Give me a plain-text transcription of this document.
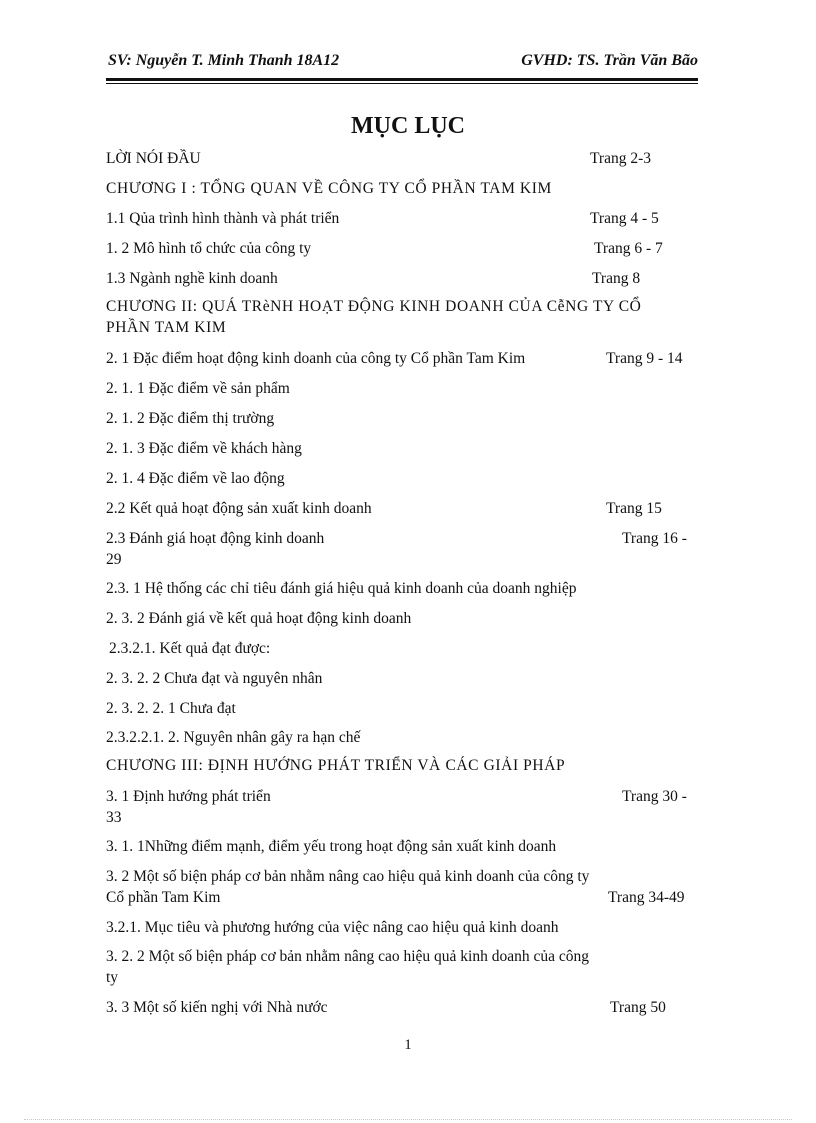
SV: Nguyễn T. Minh Thanh 18A12	GVHD: TS. Trần Văn Bão
MỤC LỤC
LỜI NÓI ĐẦU	Trang 2-3
CHƯƠNG I : TỔNG QUAN VỀ CÔNG TY CỔ PHẦN TAM KIM
1.1 Qủa trình hình thành và phát triển	Trang 4 - 5
1. 2 Mô hình tổ chức của công ty	Trang 6 - 7
1.3 Ngành nghề kinh doanh	Trang 8
CHƯƠNG II: QUÁ TRèNH HOẠT ĐỘNG KINH DOANH CỦA CễNG TY CỔ
PHẦN TAM KIM
2. 1 Đặc điểm hoạt động kinh doanh của công ty Cổ phần Tam Kim	Trang 9 - 14
2. 1. 1 Đặc điểm về sản phẩm
2. 1. 2 Đặc điểm thị trường
2. 1. 3 Đặc điểm về khách hàng
2. 1. 4 Đặc điểm về lao động
2.2 Kết quả hoạt động sản xuất kinh doanh	Trang 15
2.3 Đánh giá hoạt động kinh doanh	Trang 16 -
29
2.3. 1 Hệ thống các chỉ tiêu đánh giá hiệu quả kinh doanh của doanh nghiệp
2. 3. 2 Đánh giá về kết quả hoạt động kinh doanh
2.3.2.1. Kết quả đạt được:
2. 3. 2. 2 Chưa đạt và nguyên nhân
2. 3. 2. 2. 1 Chưa đạt
2.3.2.2.1. 2. Nguyên nhân gây ra hạn chế
CHƯƠNG III: ĐỊNH HƯỚNG PHÁT TRIỂN VÀ CÁC GIẢI PHÁP
3. 1 Định hướng phát triển	Trang 30 -
33
3. 1. 1Những điểm mạnh, điểm yếu trong hoạt động sản xuất kinh doanh
3. 2 Một số biện pháp cơ bản nhằm nâng cao hiệu quả kinh doanh của công ty
Cổ phần Tam Kim	Trang 34-49
3.2.1. Mục tiêu và phương hướng của việc nâng cao hiệu quả kinh doanh
3. 2. 2 Một số biện pháp cơ bản nhằm nâng cao hiệu quả kinh doanh của công
ty
3. 3 Một số kiến nghị với Nhà nước	Trang 50
1
